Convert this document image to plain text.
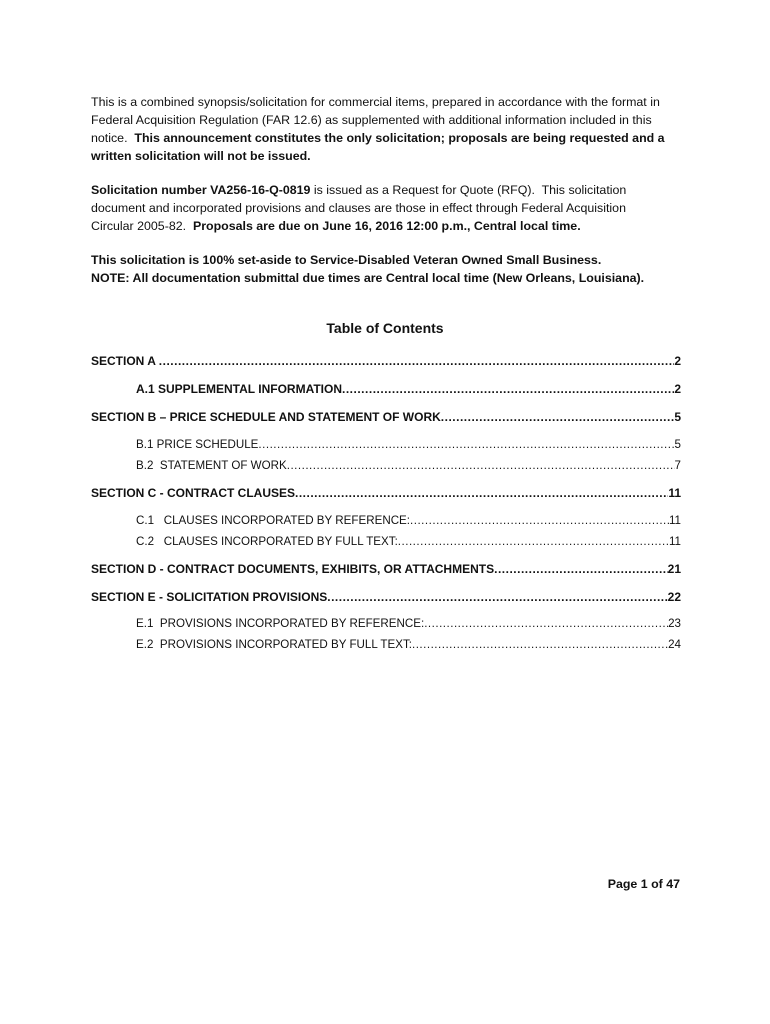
This is a combined synopsis/solicitation for commercial items, prepared in accordance with the format in
Federal Acquisition Regulation (FAR 12.6) as supplemented with additional information included in this
notice.  This announcement constitutes the only solicitation; proposals are being requested and a
written solicitation will not be issued.
Solicitation number VA256-16-Q-0819 is issued as a Request for Quote (RFQ).  This solicitation
document and incorporated provisions and clauses are those in effect through Federal Acquisition
Circular 2005-82.  Proposals are due on June 16, 2016 12:00 p.m., Central local time.
This solicitation is 100% set-aside to Service-Disabled Veteran Owned Small Business.
NOTE: All documentation submittal due times are Central local time (New Orleans, Louisiana).
Table of Contents
SECTION A .....	2
A.1 SUPPLEMENTAL INFORMATION .....	2
SECTION B – PRICE SCHEDULE AND STATEMENT OF WORK .....	5
B.1 PRICE SCHEDULE .....	5
B.2  STATEMENT OF WORK .....	7
SECTION C - CONTRACT CLAUSES .....	11
C.1   CLAUSES INCORPORATED BY REFERENCE: .....	11
C.2   CLAUSES INCORPORATED BY FULL TEXT: .....	11
SECTION D - CONTRACT DOCUMENTS, EXHIBITS, OR ATTACHMENTS .....	21
SECTION E - SOLICITATION PROVISIONS .....	22
E.1  PROVISIONS INCORPORATED BY REFERENCE: .....	23
E.2  PROVISIONS INCORPORATED BY FULL TEXT: .....	24
Page 1 of 47
